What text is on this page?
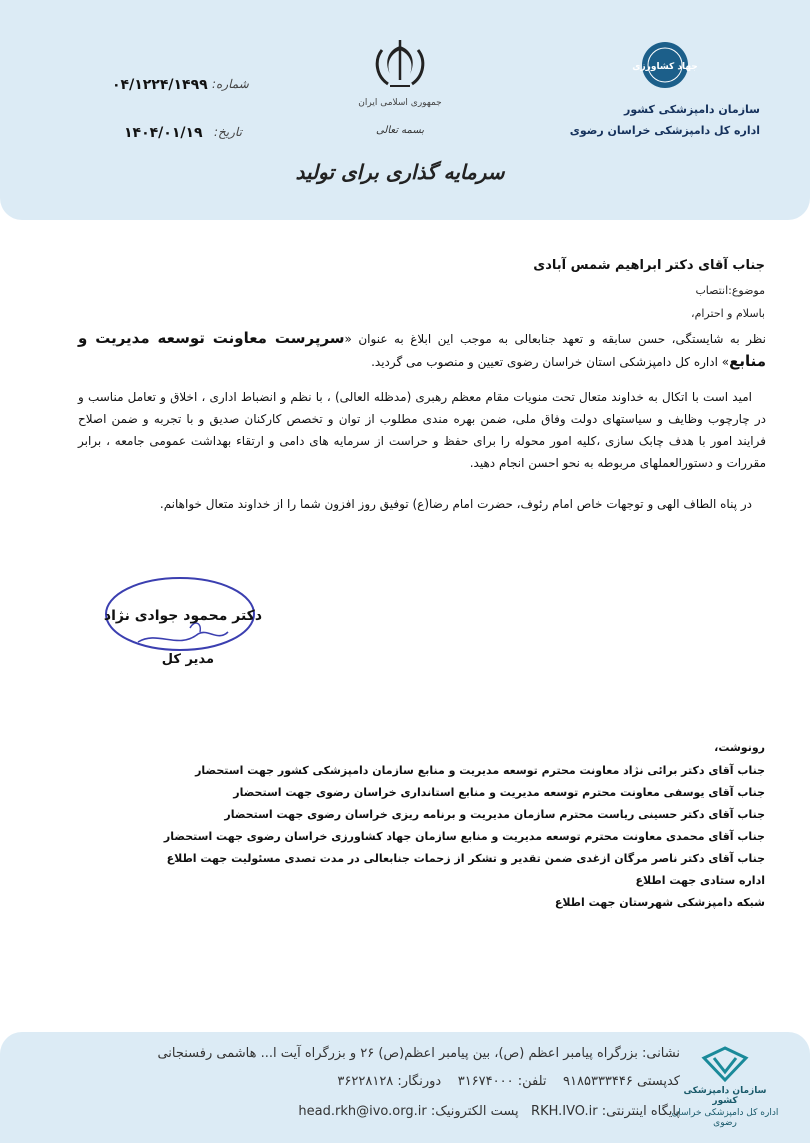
۰۴/۱۲۲۴/۱۴۹۹ شماره:
۱۴۰۴/۰۱/۱۹ تاریخ:
جمهوری اسلامی ایران
بسمه تعالی
سرمایه گذاری برای تولید
جهاد کشاورزی
سازمان دامپزشکی کشور
اداره کل دامپزشکی خراسان رضوی
جناب آقای دکتر ابراهیم شمس آبادی
موضوع:انتصاب
باسلام و احترام،
نظر به شایستگی، حسن سابقه و تعهد جنابعالی به موجب این ابلاغ به عنوان «سرپرست معاونت توسعه مدیریت و منابع» اداره کل دامپزشکی استان خراسان رضوی تعیین و منصوب می گردید.
امید است با اتکال به خداوند متعال تحت منویات مقام معظم رهبری (مدظله العالی) ، با نظم و انضباط اداری ، اخلاق و تعامل مناسب و در چارچوب وظایف و سیاستهای دولت وفاق ملی، ضمن بهره مندی مطلوب از توان و تخصص کارکنان صدیق و با تجربه و ضمن اصلاح فرایند امور با هدف چابک سازی ،کلیه امور محوله را برای حفظ و حراست از سرمایه های دامی و ارتقاء بهداشت عمومی جامعه ، برابر مقررات و دستورالعملهای مربوطه به نحو احسن انجام دهید.
در پناه الطاف الهی و توجهات خاص امام رئوف، حضرت امام رضا(ع) توفیق روز افزون شما را از خداوند متعال خواهانم.
دکتر محمود جوادی نژاد
مدیر کل
رونوشت،
جناب آقای دکتر برائی نژاد معاونت محترم توسعه مدیریت و منابع سازمان دامپزشکی کشور جهت استحضار
جناب آقای یوسفی معاونت محترم توسعه مدیریت و منابع استانداری خراسان رضوی جهت استحضار
جناب آقای دکتر حسینی ریاست محترم سازمان مدیریت و برنامه ریزی خراسان رضوی جهت استحضار
جناب آقای محمدی معاونت محترم توسعه مدیریت و منابع سازمان جهاد کشاورزی خراسان رضوی جهت استحضار
جناب آقای دکتر ناصر مرگان ازغدی ضمن تقدیر و تشکر از زحمات جنابعالی در مدت تصدی مسئولیت جهت اطلاع
اداره ستادی جهت اطلاع
شبکه دامپزشکی شهرستان جهت اطلاع
نشانی: بزرگراه پیامبر اعظم (ص)، بین پیامبر اعظم(ص) ۲۶ و بزرگراه آیت ا... هاشمی رفسنجانی
کدپستی ۹۱۸۵۳۳۳۴۴۶    تلفن: ۳۱۶۷۴۰۰۰    دورنگار: ۳۶۲۲۸۱۲۸
پایگاه اینترنتی: RKH.IVO.ir   پست الکترونیک: head.rkh@ivo.org.ir
سازمان دامپزشکی کشور
اداره کل دامپزشکی خراسان رضوی
